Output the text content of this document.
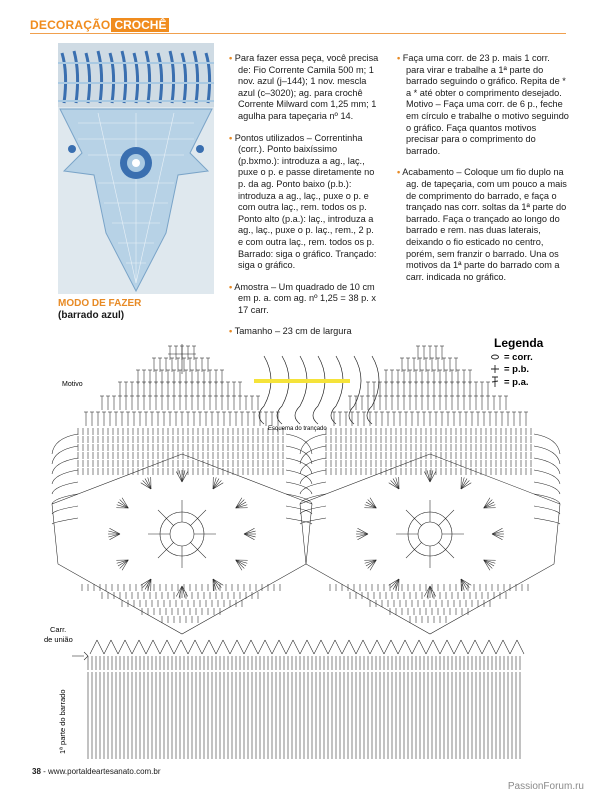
DECORAÇÃO CROCHÊ
MODO DE FAZER
(barrado azul)

• Para fazer essa peça, você precisa de: Fio Corrente Camila 500 m; 1 nov. azul (j–144); 1 nov. mescla azul (c–3020); ag. para crochê Corrente Milward com 1,25 mm; 1 agulha para tapeçaria nº 14.

• Pontos utilizados – Correntinha (corr.). Ponto baixíssimo (p.bxmo.): introduza a ag., laç., puxe o p. e passe diretamente no p. da ag. Ponto baixo (p.b.): introduza a ag., laç., puxe o p. e com outra laç., rem. todos os p. Ponto alto (p.a.): laç., introduza a ag., laç., puxe o p. laç., rem., 2 p. e com outra laç., rem. todos os p. Barrado: siga o gráfico. Trançado: siga o gráfico.

• Amostra – Um quadrado de 10 cm em p. a. com ag. nº 1,25 = 38 p. x 17 carr.

• Tamanho – 23 cm de largura

• Faça uma corr. de 23 p. mais 1 corr. para virar e trabalhe a 1ª parte do barrado seguindo o gráfico. Repita de * a * até obter o comprimento desejado. Motivo – Faça uma corr. de 6 p., feche em círculo e trabalhe o motivo seguindo o gráfico. Faça quantos motivos precisar para o comprimento do barrado.

• Acabamento – Coloque um fio duplo na ag. de tapeçaria, com um pouco a mais de comprimento do barrado, e faça o trançado nas corr. soltas da 1ª parte do barrado. Faça o trançado ao longo do barrado e rem. nas duas laterais, deixando o fio esticado no centro, porém, sem franzir o barrado. Una os motivos da 1ª parte do barrado com a carr. indicada no gráfico.

Motivo
Esquema do trançado
Carr.
de união
1ª parte do barrado
Legenda
= corr.
= p.b.
= p.a.
38 - www.portaldeartesanato.com.br
PassionForum.ru
